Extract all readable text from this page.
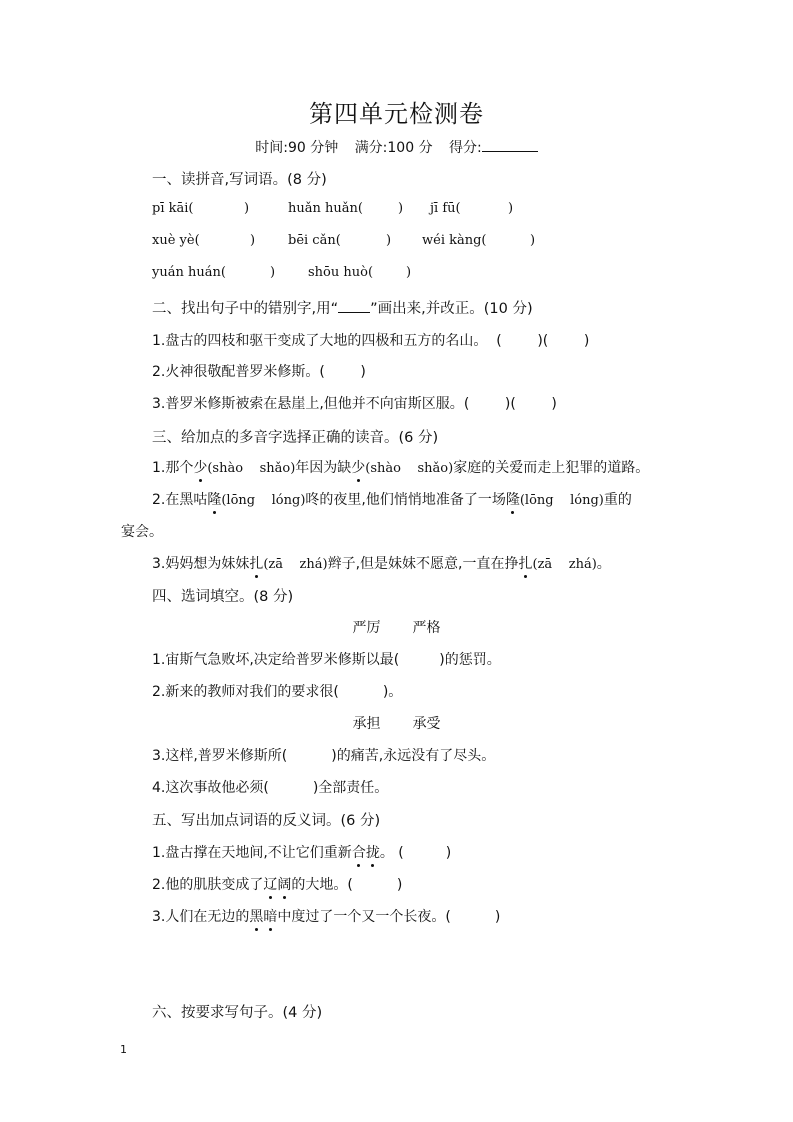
第四单元检测卷
时间:90 分钟 满分:100 分 得分:
一、读拼音,写词语。(8 分)
pī kāi(	)	huǎn huǎn(	) jī fū(	)
xuè yè(	)	bēi cǎn(	) wéi kàng(	)
yuán huán(	)	shōu huò(	)
二、找出句子中的错别字,用“ ”画出来,并改正。(10 分)
1.盘古的四枝和驱干变成了大地的四极和五方的名山。 (        )(        )
2.火神很敬配普罗米修斯。(        )
3.普罗米修斯被索在悬崖上,但他并不向宙斯区服。(        )(        )
三、给加点的多音字选择正确的读音。(6 分)
1.那个少(shào    shǎo)年因为缺少(shào    shǎo)家庭的关爱而走上犯罪的道路。
2.在黑咕隆(lōng    lóng)咚的夜里,他们悄悄地准备了一场隆(lōng    lóng)重的
宴会。
3.妈妈想为妹妹扎(zā    zhá)辫子,但是妹妹不愿意,一直在挣扎(zā    zhá)。
四、选词填空。(8 分)
严厉 严格
1.宙斯气急败坏,决定给普罗米修斯以最(	)的惩罚。
2.新来的教师对我们的要求很(	)。
承担 承受
3.这样,普罗米修斯所(	)的痛苦,永远没有了尽头。
4.这次事故他必须(	)全部责任。
五、写出加点词语的反义词。(6 分)
1.盘古撑在天地间,不让它们重新合拢。 (	)
2.他的肌肤变成了辽阔的大地。(	)
3.人们在无边的黑暗中度过了一个又一个长夜。(	)
六、按要求写句子。(4 分)
1
